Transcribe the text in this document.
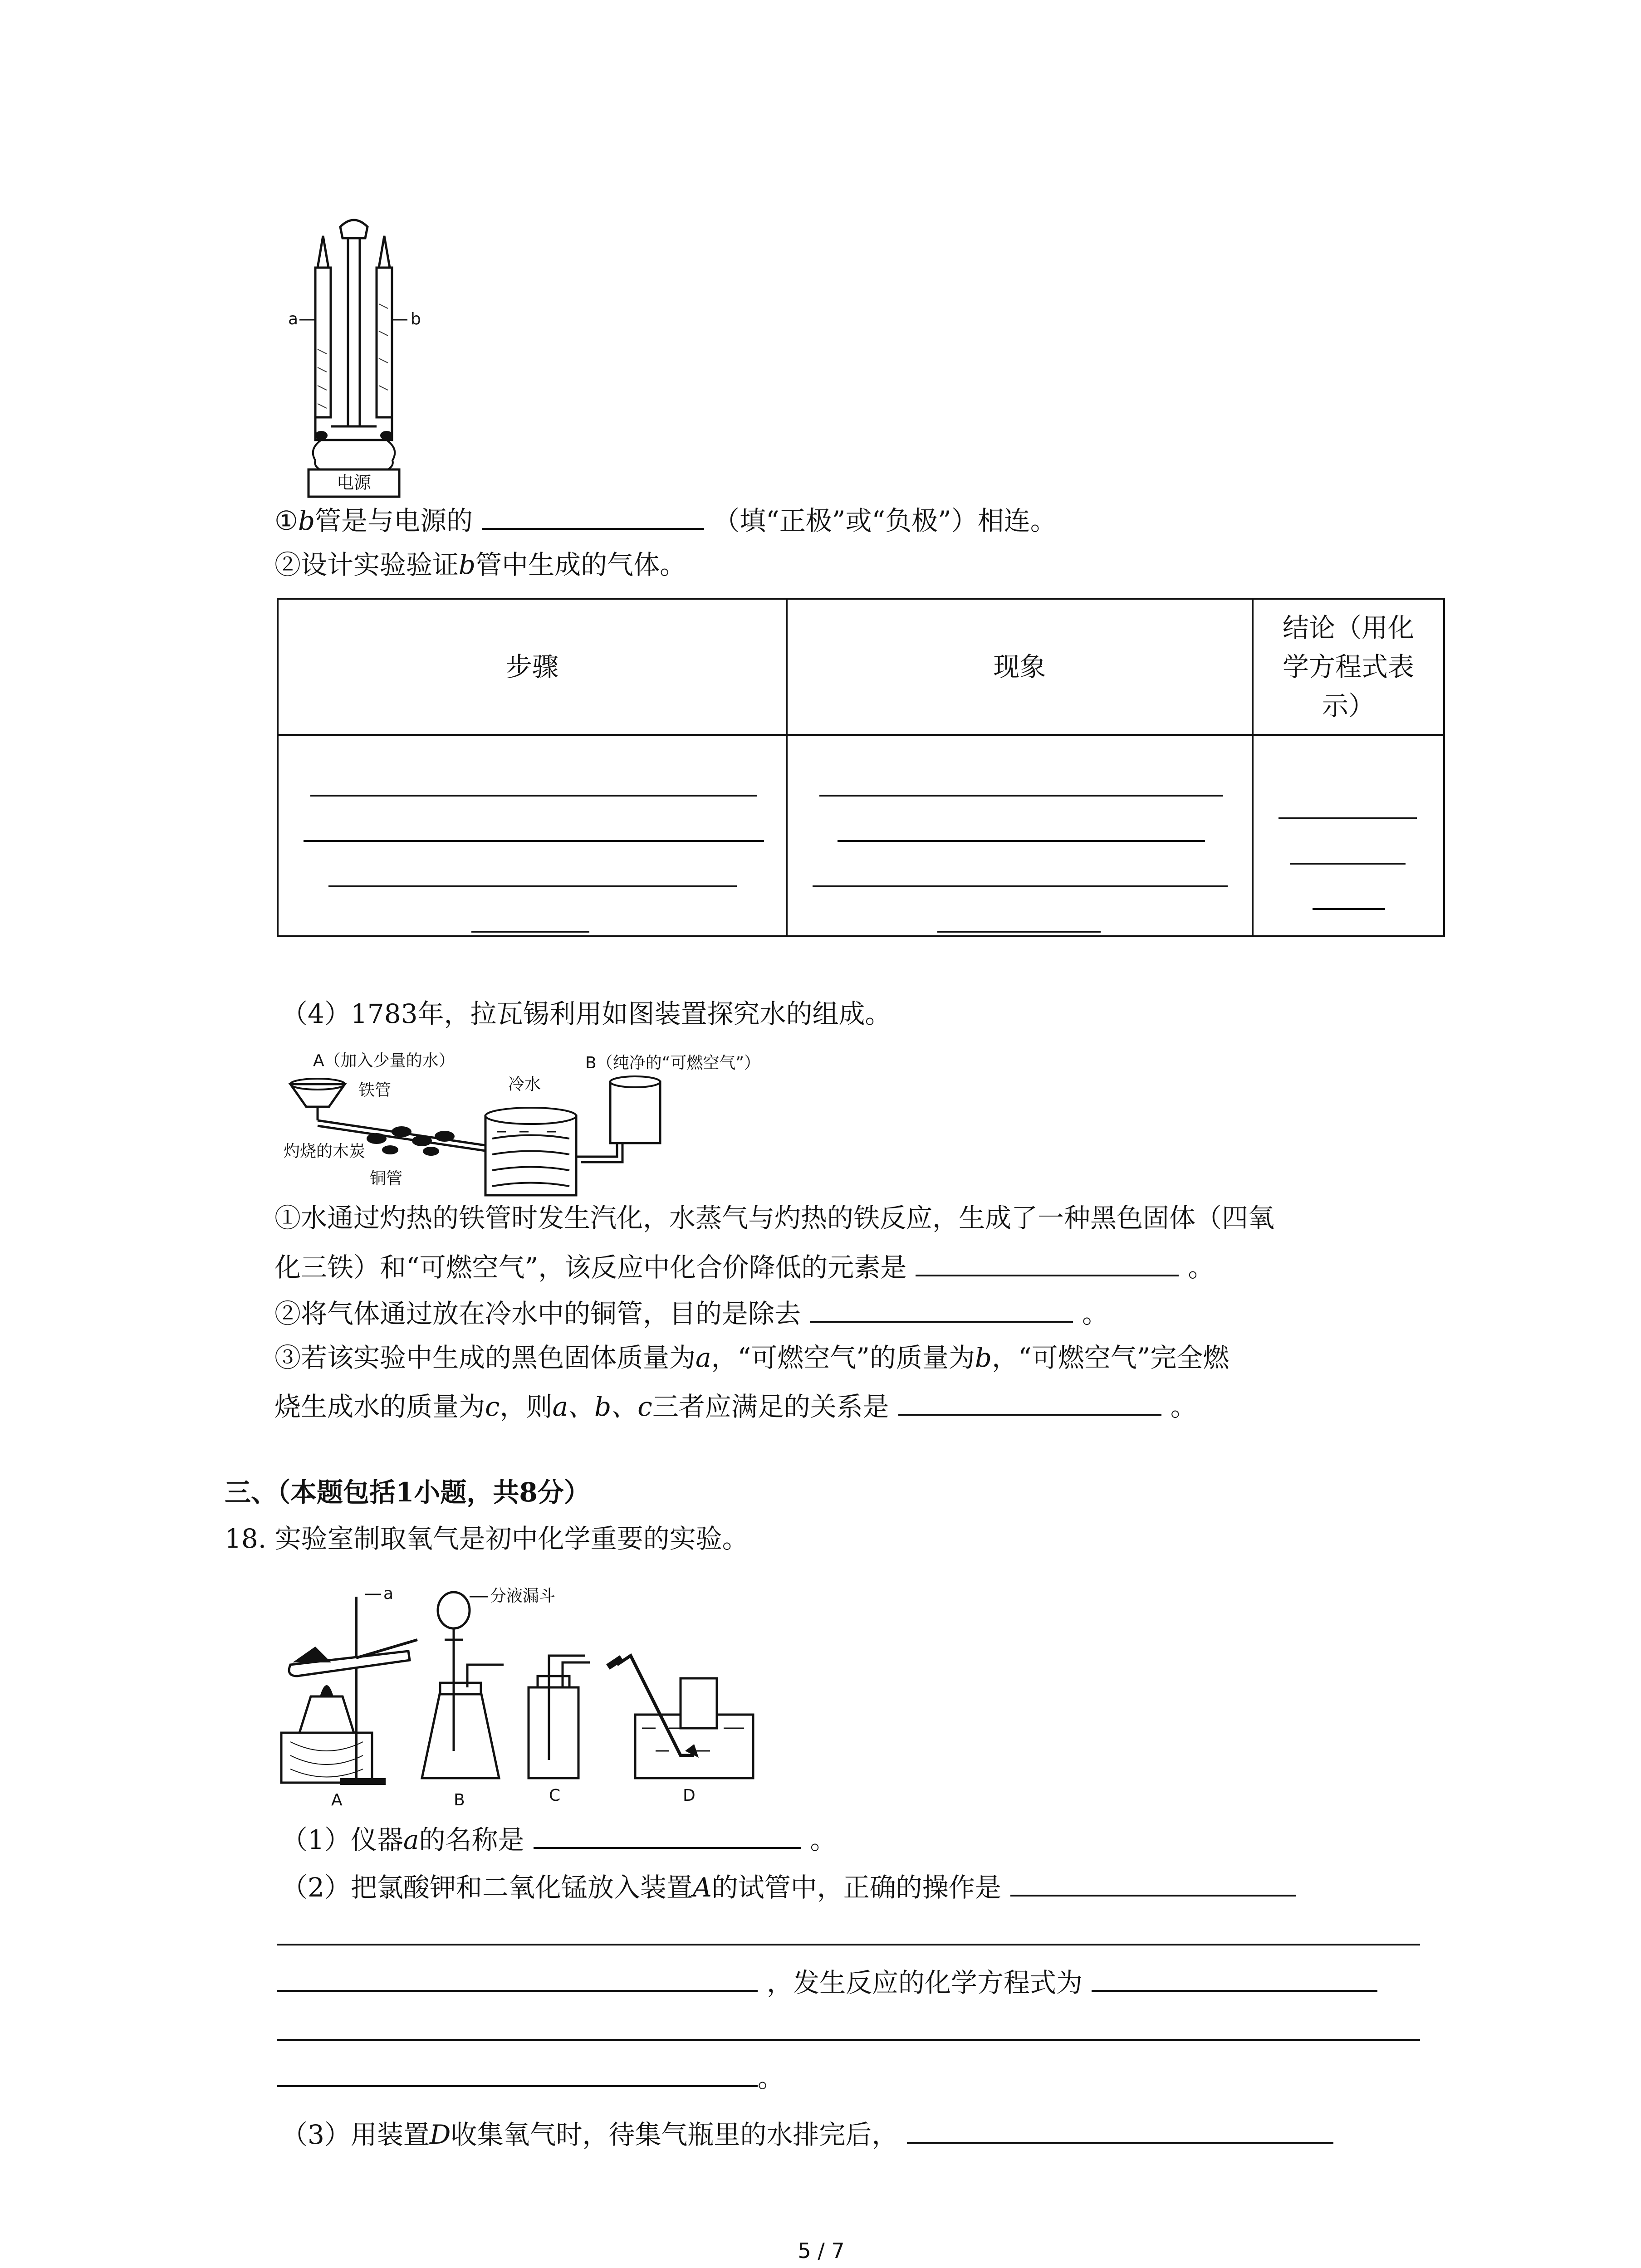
电源
a	b
①b管是与电源的	（填“正极”或“负极”）相连。
②设计实验验证b管中生成的气体。
步骤	现象	结论（用化
学方程式表
示）

（4）1783年，拉瓦锡利用如图装置探究水的组成。
A（加入少量的水）	B（纯净的“可燃空气”）
铁管	冷水
灼烧的木炭
铜管
①水通过灼热的铁管时发生汽化，水蒸气与灼热的铁反应，生成了一种黑色固体（四氧
化三铁）和“可燃空气”，该反应中化合价降低的元素是	。
②将气体通过放在冷水中的铜管，目的是除去	。
③若该实验中生成的黑色固体质量为a，“可燃空气”的质量为b，“可燃空气”完全燃
烧生成水的质量为c，则a、b、c三者应满足的关系是	。
三、（本题包括1小题，共8分）
18. 实验室制取氧气是初中化学重要的实验。
a
A
分液漏斗
B	C	D
（1）仪器a的名称是	。
（2）把氯酸钾和二氧化锰放入装置A的试管中，正确的操作是
，发生反应的化学方程式为
。
（3）用装置D收集氧气时，待集气瓶里的水排完后，
5 / 7
